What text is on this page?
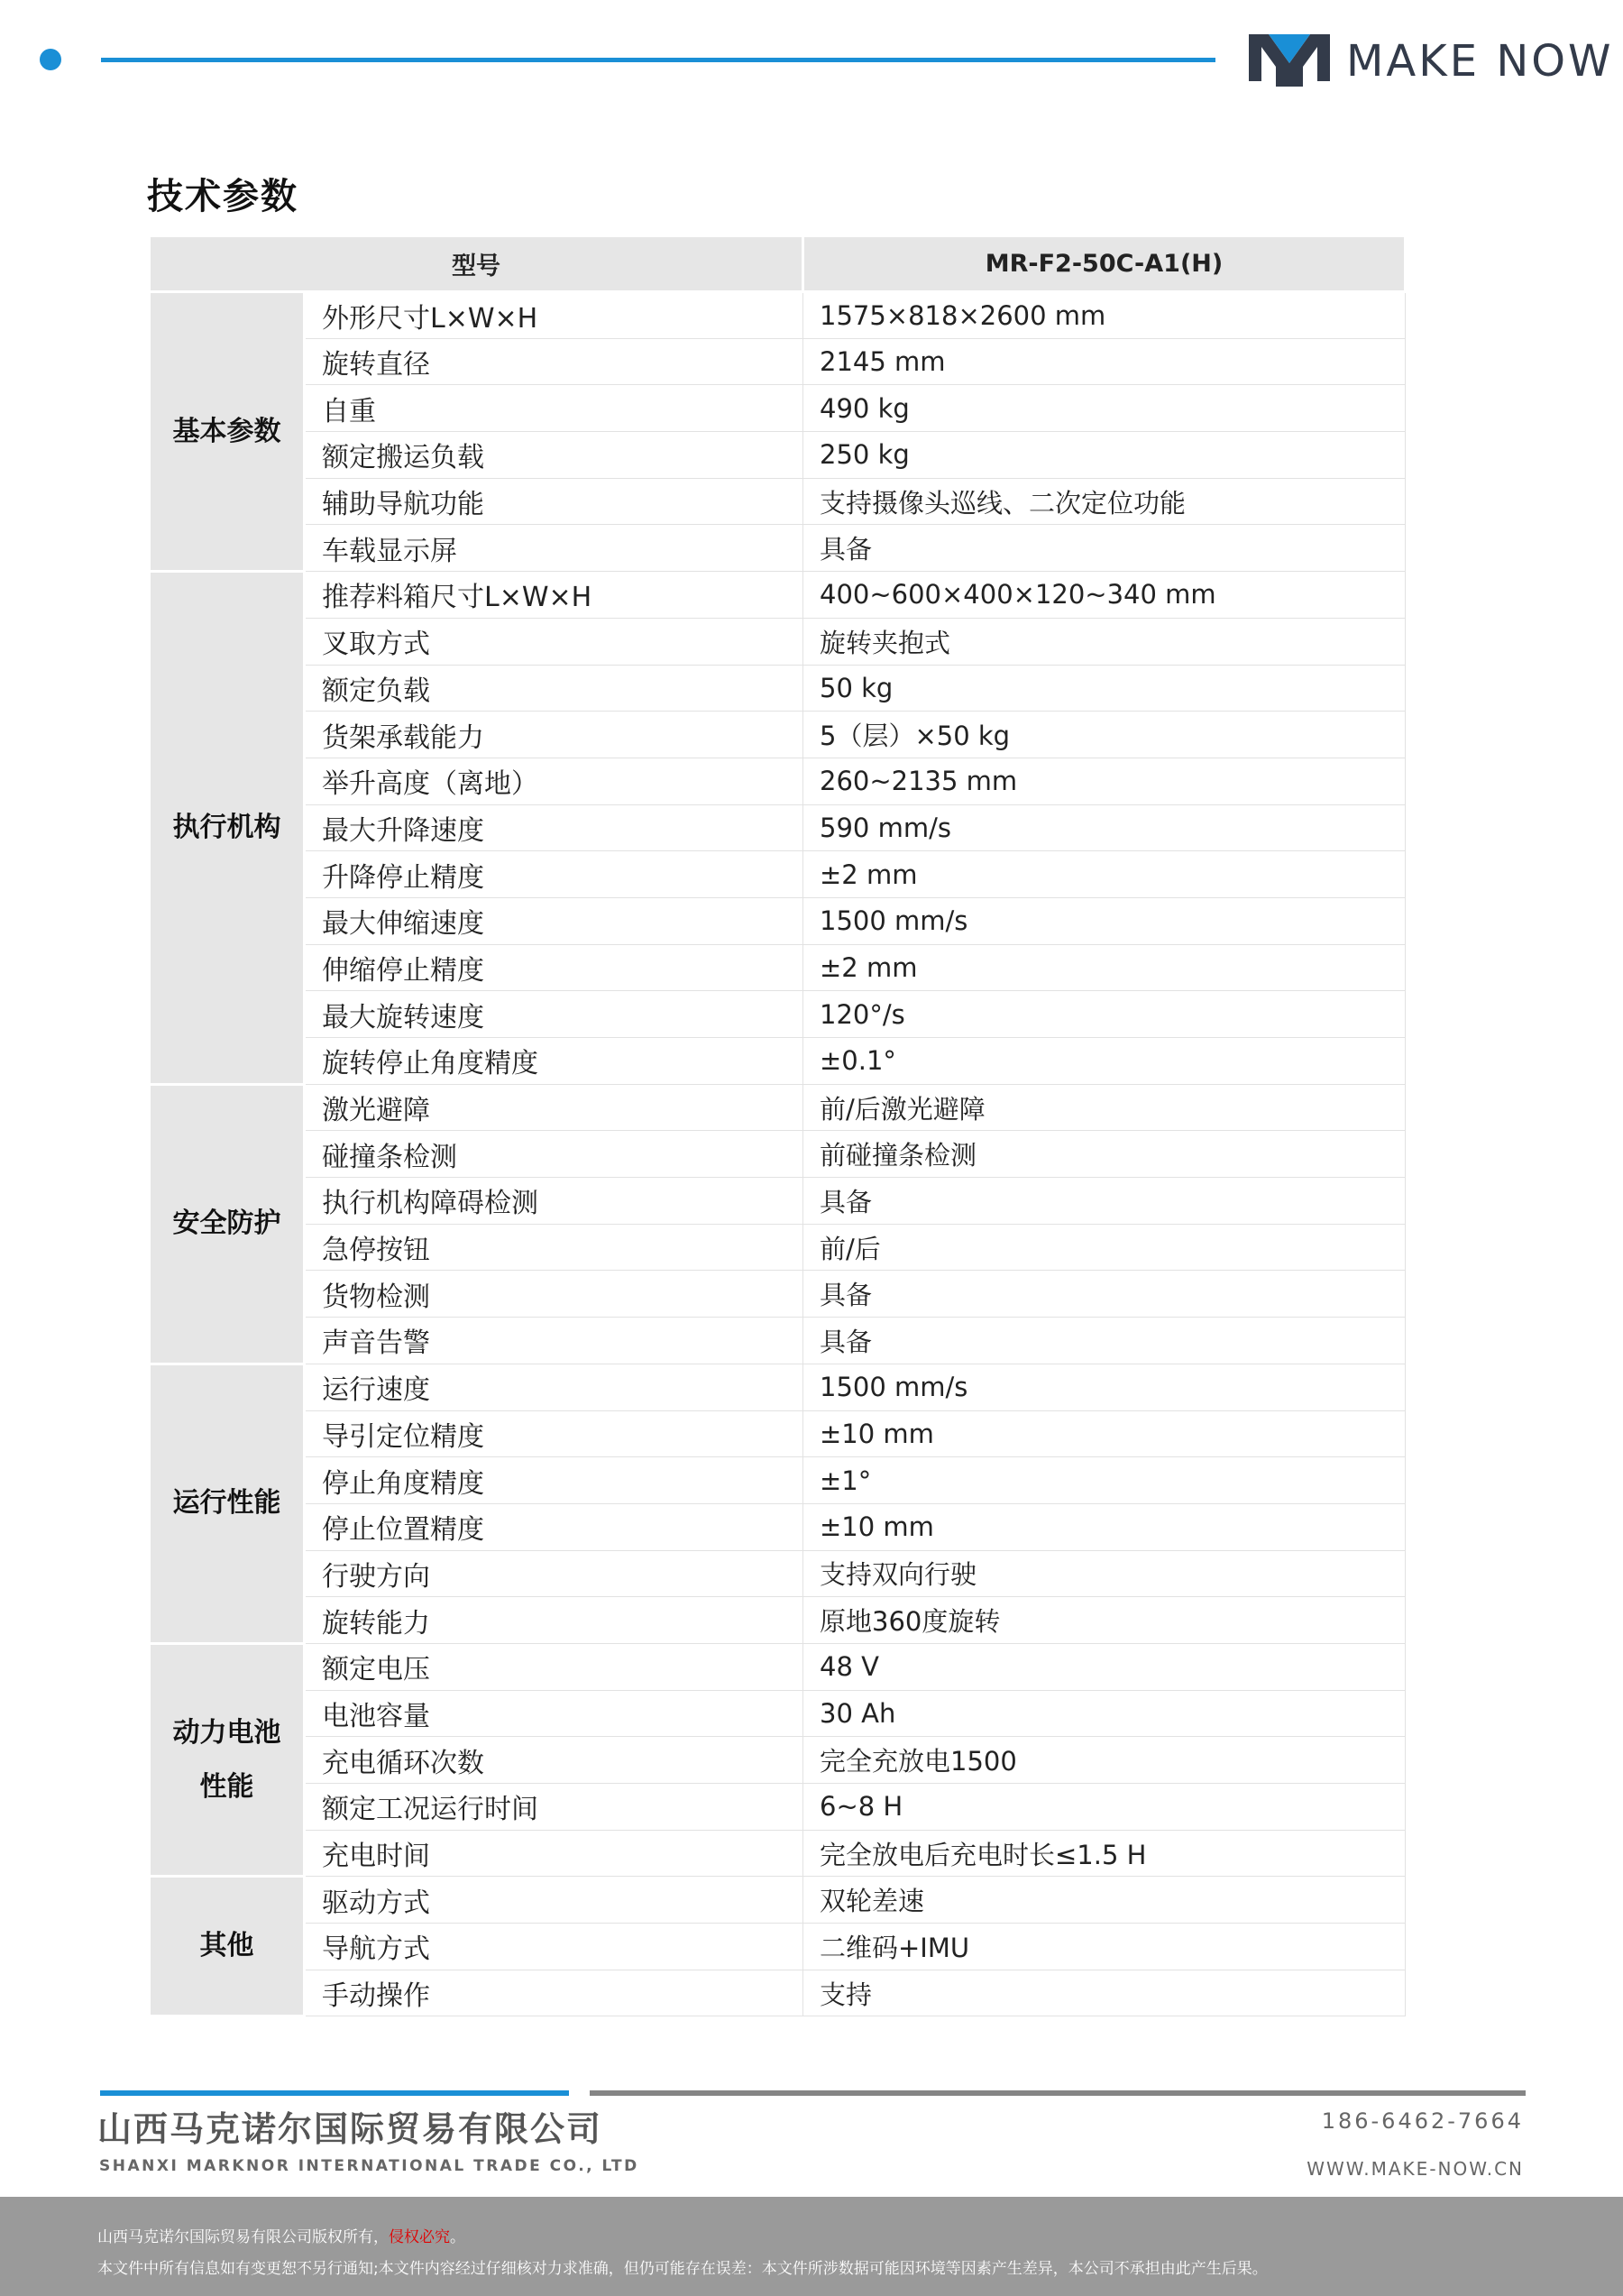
MAKE NOW
技术参数
型号		MR-F2-50C-A1(H)
基本参数	外形尺寸L×W×H	1575×818×2600 mm
	旋转直径	2145 mm
	自重	490 kg
	额定搬运负载	250 kg
	辅助导航功能	支持摄像头巡线、二次定位功能
	车载显示屏	具备
执行机构	推荐料箱尺寸L×W×H	400~600×400×120~340 mm
	叉取方式	旋转夹抱式
	额定负载	50 kg
	货架承载能力	5（层）×50 kg
	举升高度（离地）	260~2135 mm
	最大升降速度	590 mm/s
	升降停止精度	±2 mm
	最大伸缩速度	1500 mm/s
	伸缩停止精度	±2 mm
	最大旋转速度	120°/s
	旋转停止角度精度	±0.1°
安全防护	激光避障	前/后激光避障
	碰撞条检测	前碰撞条检测
	执行机构障碍检测	具备
	急停按钮	前/后
	货物检测	具备
	声音告警	具备
运行性能	运行速度	1500 mm/s
	导引定位精度	±10 mm
	停止角度精度	±1°
	停止位置精度	±10 mm
	行驶方向	支持双向行驶
	旋转能力	原地360度旋转
动力电池
性能	额定电压	48 V
	电池容量	30 Ah
	充电循环次数	完全充放电1500
	额定工况运行时间	6~8 H
	充电时间	完全放电后充电时长≤1.5 H
其他	驱动方式	双轮差速
	导航方式	二维码+IMU
	手动操作	支持
山西马克诺尔国际贸易有限公司
SHANXI MARKNOR INTERNATIONAL TRADE CO., LTD
186-6462-7664
WWW.MAKE-NOW.CN
山西马克诺尔国际贸易有限公司版权所有，侵权必究。
本文件中所有信息如有变更恕不另行通知;本文件内容经过仔细核对力求准确，但仍可能存在误差：本文件所涉数据可能因环境等因素产生差异，本公司不承担由此产生后果。
